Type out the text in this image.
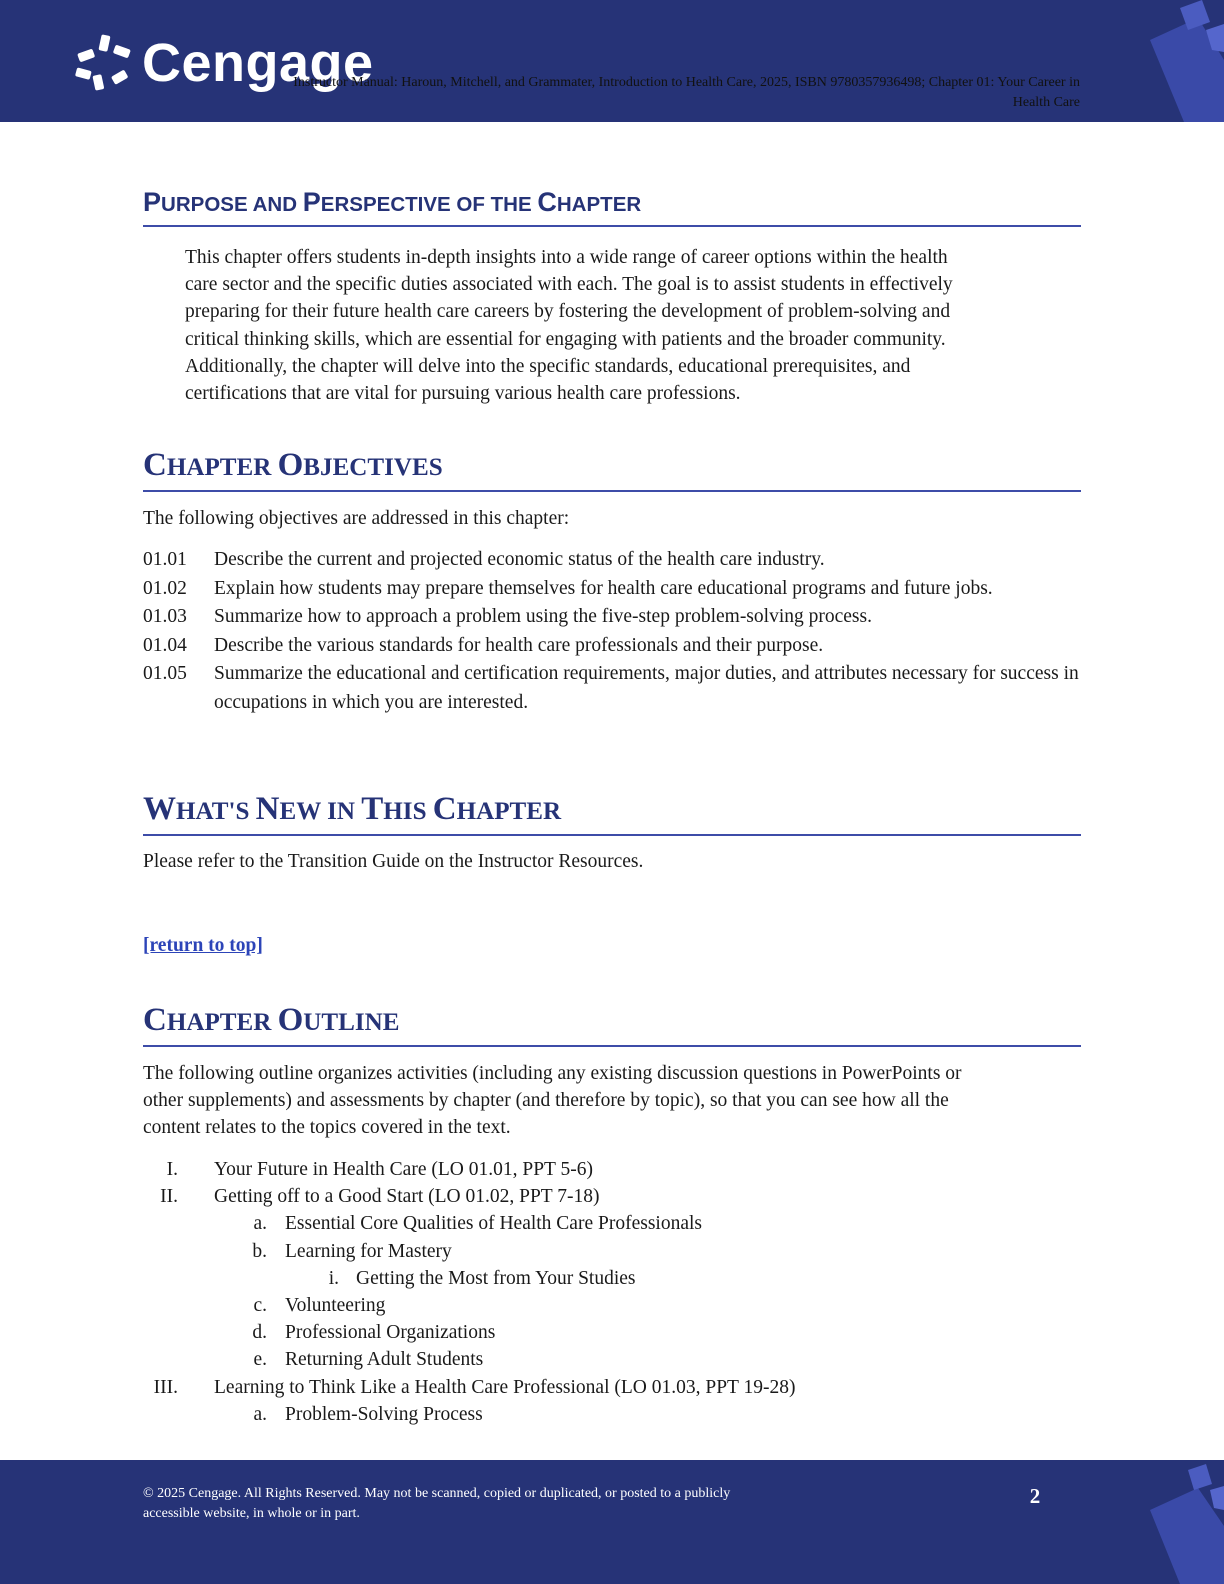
Cengage
Instructor Manual: Haroun, Mitchell, and Grammater, Introduction to Health Care, 2025, ISBN 9780357936498; Chapter 01: Your Career in
Health Care
PURPOSE AND PERSPECTIVE OF THE CHAPTER
This chapter offers students in-depth insights into a wide range of career options within the health
care sector and the specific duties associated with each. The goal is to assist students in effectively
preparing for their future health care careers by fostering the development of problem-solving and
critical thinking skills, which are essential for engaging with patients and the broader community.
Additionally, the chapter will delve into the specific standards, educational prerequisites, and
certifications that are vital for pursuing various health care professions.
CHAPTER OBJECTIVES

The following objectives are addressed in this chapter:

01.01	Describe the current and projected economic status of the health care industry.
01.02	Explain how students may prepare themselves for health care educational programs and future jobs.
01.03	Summarize how to approach a problem using the five-step problem-solving process.
01.04	Describe the various standards for health care professionals and their purpose.
01.05	Summarize the educational and certification requirements, major duties, and attributes necessary for success in occupations in which you are interested.
WHAT'S NEW IN THIS CHAPTER

Please refer to the Transition Guide on the Instructor Resources.

[return to top]
CHAPTER OUTLINE
The following outline organizes activities (including any existing discussion questions in PowerPoints or
other supplements) and assessments by chapter (and therefore by topic), so that you can see how all the
content relates to the topics covered in the text.
I. Your Future in Health Care (LO 01.01, PPT 5-6)
II. Getting off to a Good Start (LO 01.02, PPT 7-18)
a. Essential Core Qualities of Health Care Professionals
b. Learning for Mastery
i. Getting the Most from Your Studies
c. Volunteering
d. Professional Organizations
e. Returning Adult Students
III. Learning to Think Like a Health Care Professional (LO 01.03, PPT 19-28)
a. Problem-Solving Process
© 2025 Cengage. All Rights Reserved. May not be scanned, copied or duplicated, or posted to a publicly
accessible website, in whole or in part.
2
